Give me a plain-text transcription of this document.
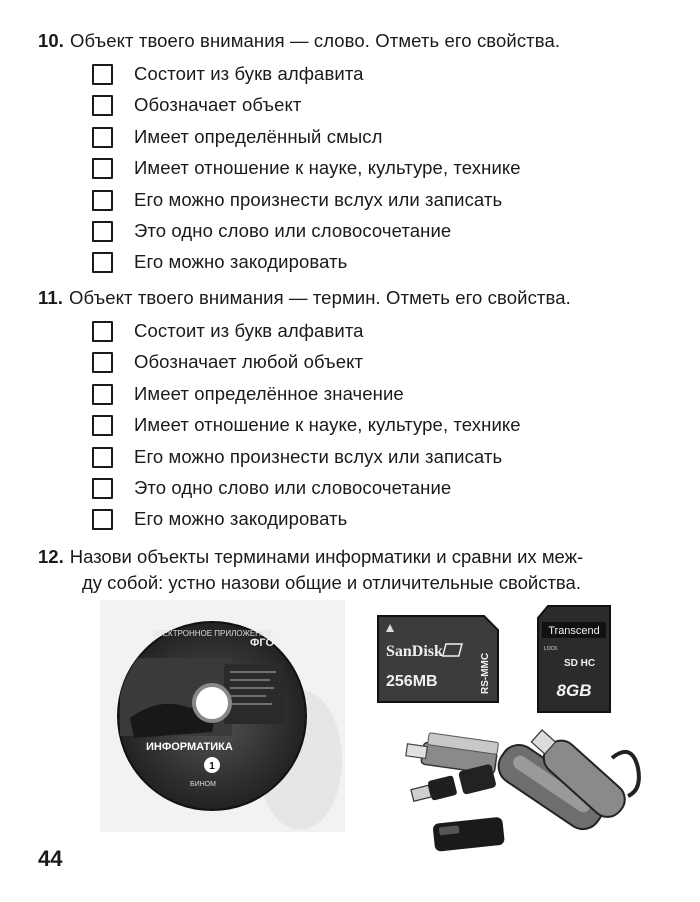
10. Объект твоего внимания — слово. Отметь его свойства.
Состоит из букв алфавита
Обозначает объект
Имеет определённый смысл
Имеет отношение к науке, культуре, технике
Его можно произнести вслух или записать
Это одно слово или словосочетание
Его можно закодировать
11. Объект твоего внимания — термин. Отметь его свойства.
Состоит из букв алфавита
Обозначает любой объект
Имеет определённое значение
Имеет отношение к науке, культуре, технике
Его можно произнести вслух или записать
Это одно слово или словосочетание
Его можно закодировать
12. Назови объекты терминами информатики и сравни их меж-
ду собой: устно назови общие и отличительные свойства.
ЭЛЕКТРОННОЕ ПРИЛОЖЕНИЕ
ФГОС
ИНФОРМАТИКА
1
БИНОМ
SanDisk
256MB	RS-MMC
Transcend
LOCK
SD HC
8GB
44
